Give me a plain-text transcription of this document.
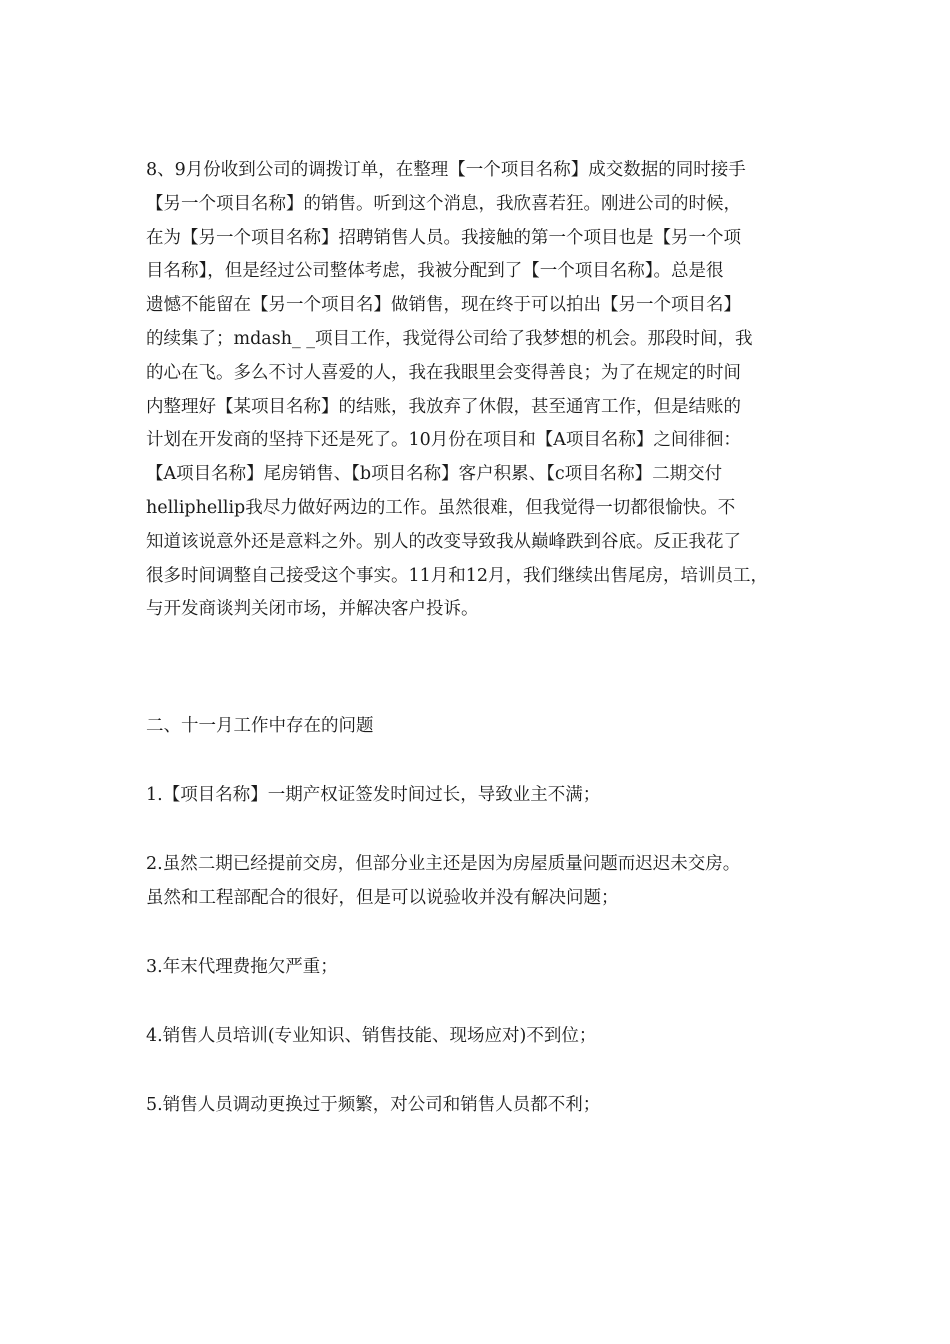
8、9月份收到公司的调拨订单，在整理【一个项目名称】成交数据的同时接手
【另一个项目名称】的销售。听到这个消息，我欣喜若狂。刚进公司的时候，
在为【另一个项目名称】招聘销售人员。我接触的第一个项目也是【另一个项
目名称】，但是经过公司整体考虑，我被分配到了【一个项目名称】。总是很
遗憾不能留在【另一个项目名】做销售，现在终于可以拍出【另一个项目名】
的续集了；mdash_ _项目工作，我觉得公司给了我梦想的机会。那段时间，我
的心在飞。多么不讨人喜爱的人，我在我眼里会变得善良；为了在规定的时间
内整理好【某项目名称】的结账，我放弃了休假，甚至通宵工作，但是结账的
计划在开发商的坚持下还是死了。10月份在项目和【A项目名称】之间徘徊：
【A项目名称】尾房销售、【b项目名称】客户积累、【c项目名称】二期交付
helliphellip我尽力做好两边的工作。虽然很难，但我觉得一切都很愉快。不
知道该说意外还是意料之外。别人的改变导致我从巅峰跌到谷底。反正我花了
很多时间调整自己接受这个事实。11月和12月，我们继续出售尾房，培训员工，
与开发商谈判关闭市场，并解决客户投诉。
二、十一月工作中存在的问题
1.【项目名称】一期产权证签发时间过长，导致业主不满；
2.虽然二期已经提前交房，但部分业主还是因为房屋质量问题而迟迟未交房。
虽然和工程部配合的很好，但是可以说验收并没有解决问题；
3.年末代理费拖欠严重；
4.销售人员培训(专业知识、销售技能、现场应对)不到位；
5.销售人员调动更换过于频繁，对公司和销售人员都不利；
